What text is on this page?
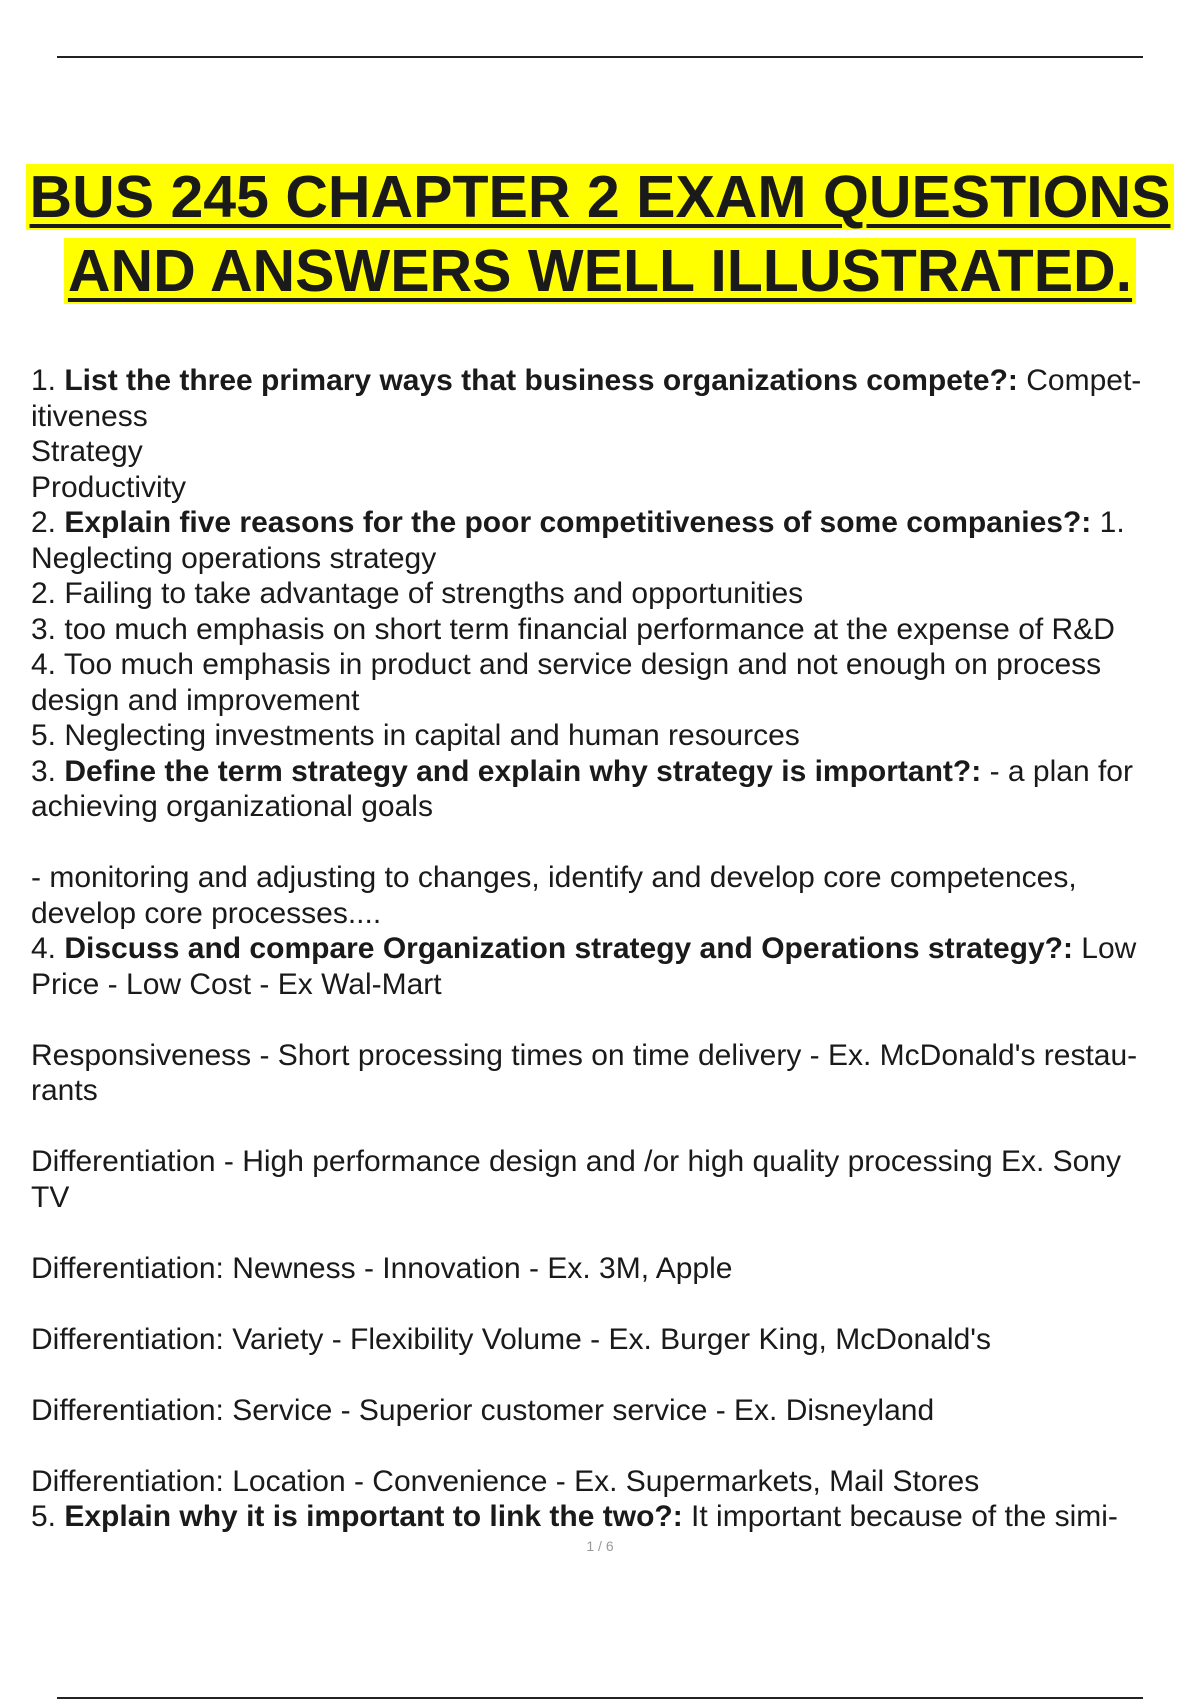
BUS 245 CHAPTER 2 EXAM QUESTIONS
AND ANSWERS WELL ILLUSTRATED.
1. List the three primary ways that business organizations compete?: Compet-
itiveness
Strategy
Productivity
2. Explain five reasons for the poor competitiveness of some companies?: 1.
Neglecting operations strategy
2. Failing to take advantage of strengths and opportunities
3. too much emphasis on short term financial performance at the expense of R&D
4. Too much emphasis in product and service design and not enough on process
design and improvement
5. Neglecting investments in capital and human resources
3. Define the term strategy and explain why strategy is important?: - a plan for
achieving organizational goals
- monitoring and adjusting to changes, identify and develop core competences,
develop core processes....
4. Discuss and compare Organization strategy and Operations strategy?: Low
Price - Low Cost - Ex Wal-Mart
Responsiveness - Short processing times on time delivery - Ex. McDonald's restau-
rants
Differentiation - High performance design and /or high quality processing Ex. Sony
TV
Differentiation: Newness - Innovation - Ex. 3M, Apple
Differentiation: Variety - Flexibility Volume - Ex. Burger King, McDonald's
Differentiation: Service - Superior customer service - Ex. Disneyland
Differentiation: Location - Convenience - Ex. Supermarkets, Mail Stores
5. Explain why it is important to link the two?: It important because of the simi-
1 / 6
